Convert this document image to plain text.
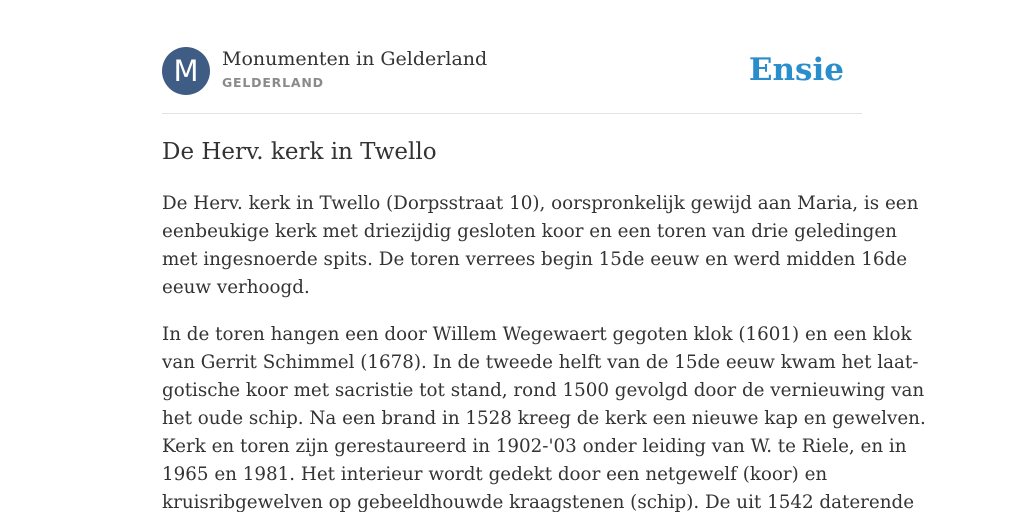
M	Monumenten in Gelderland
GELDERLAND	Ensie
De Herv. kerk in Twello

De Herv. kerk in Twello (Dorpsstraat 10), oorspronkelijk gewijd aan Maria, is een
eenbeukige kerk met driezijdig gesloten koor en een toren van drie geledingen
met ingesnoerde spits. De toren verrees begin 15de eeuw en werd midden 16de
eeuw verhoogd.

In de toren hangen een door Willem Wegewaert gegoten klok (1601) en een klok
van Gerrit Schimmel (1678). In de tweede helft van de 15de eeuw kwam het laat-
gotische koor met sacristie tot stand, rond 1500 gevolgd door de vernieuwing van
het oude schip. Na een brand in 1528 kreeg de kerk een nieuwe kap en gewelven.
Kerk en toren zijn gerestaureerd in 1902-'03 onder leiding van W. te Riele, en in
1965 en 1981. Het interieur wordt gedekt door een netgewelf (koor) en
kruisribgewelven op gebeeldhouwde kraagstenen (schip). De uit 1542 daterende
